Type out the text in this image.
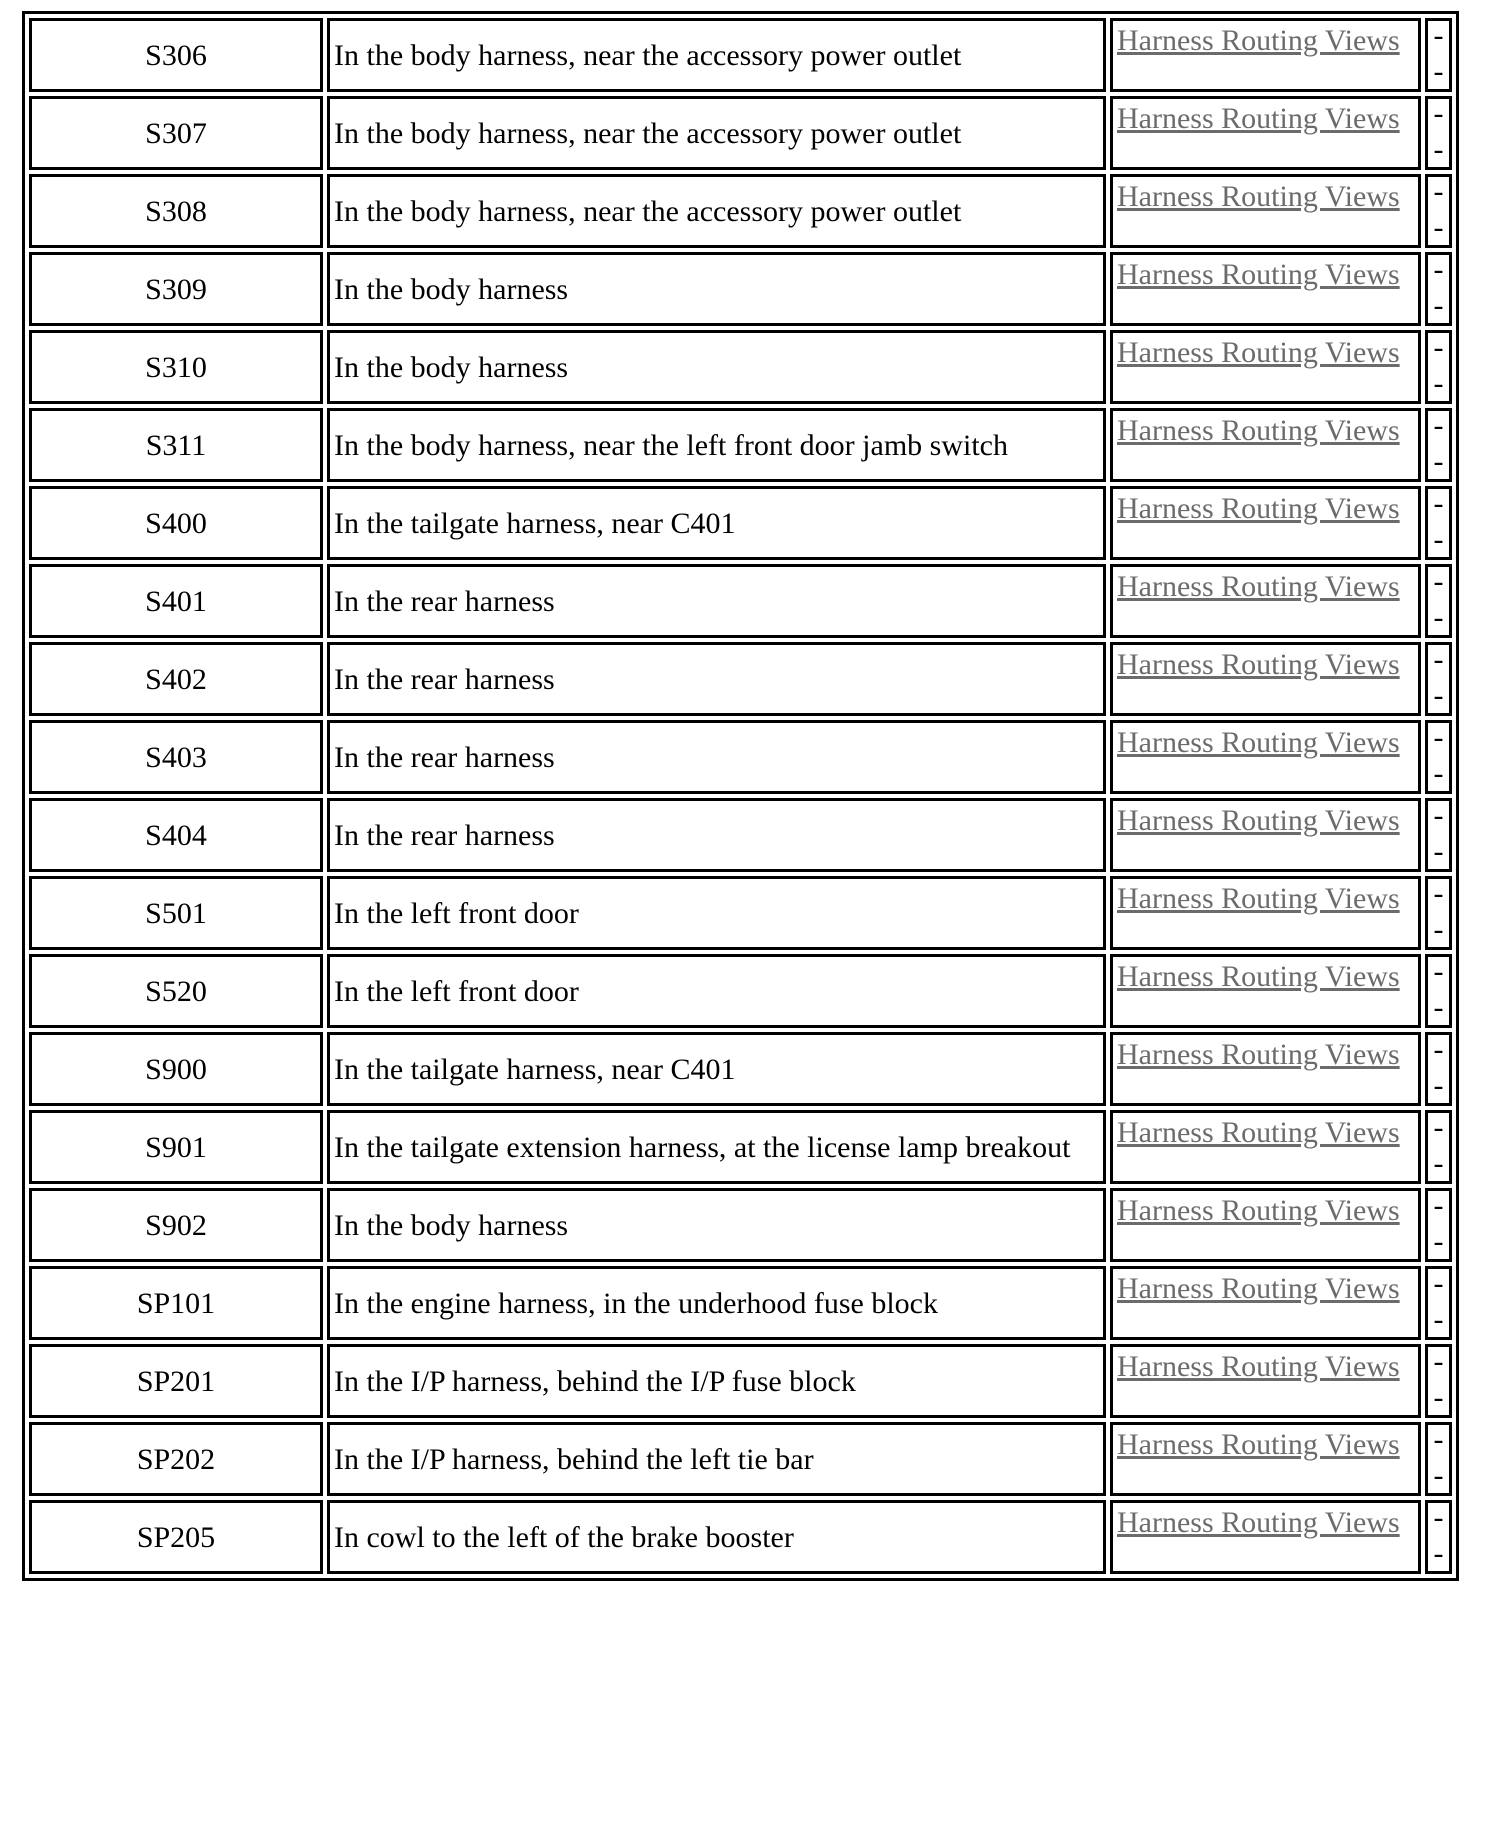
S306	In the body harness, near the accessory power outlet	Harness Routing Views	-
-

S307	In the body harness, near the accessory power outlet	Harness Routing Views	-
-

S308	In the body harness, near the accessory power outlet	Harness Routing Views	-
-

S309	In the body harness	Harness Routing Views	-
-

S310	In the body harness	Harness Routing Views	-
-

S311	In the body harness, near the left front door jamb switch	Harness Routing Views	-
-

S400	In the tailgate harness, near C401	Harness Routing Views	-
-

S401	In the rear harness	Harness Routing Views	-
-

S402	In the rear harness	Harness Routing Views	-
-

S403	In the rear harness	Harness Routing Views	-
-

S404	In the rear harness	Harness Routing Views	-
-

S501	In the left front door	Harness Routing Views	-
-

S520	In the left front door	Harness Routing Views	-
-

S900	In the tailgate harness, near C401	Harness Routing Views	-
-

S901	In the tailgate extension harness, at the license lamp breakout	Harness Routing Views	-
-

S902	In the body harness	Harness Routing Views	-
-

SP101	In the engine harness, in the underhood fuse block	Harness Routing Views	-
-

SP201	In the I/P harness, behind the I/P fuse block	Harness Routing Views	-
-

SP202	In the I/P harness, behind the left tie bar	Harness Routing Views	-
-

SP205	In cowl to the left of the brake booster	Harness Routing Views	-
-
